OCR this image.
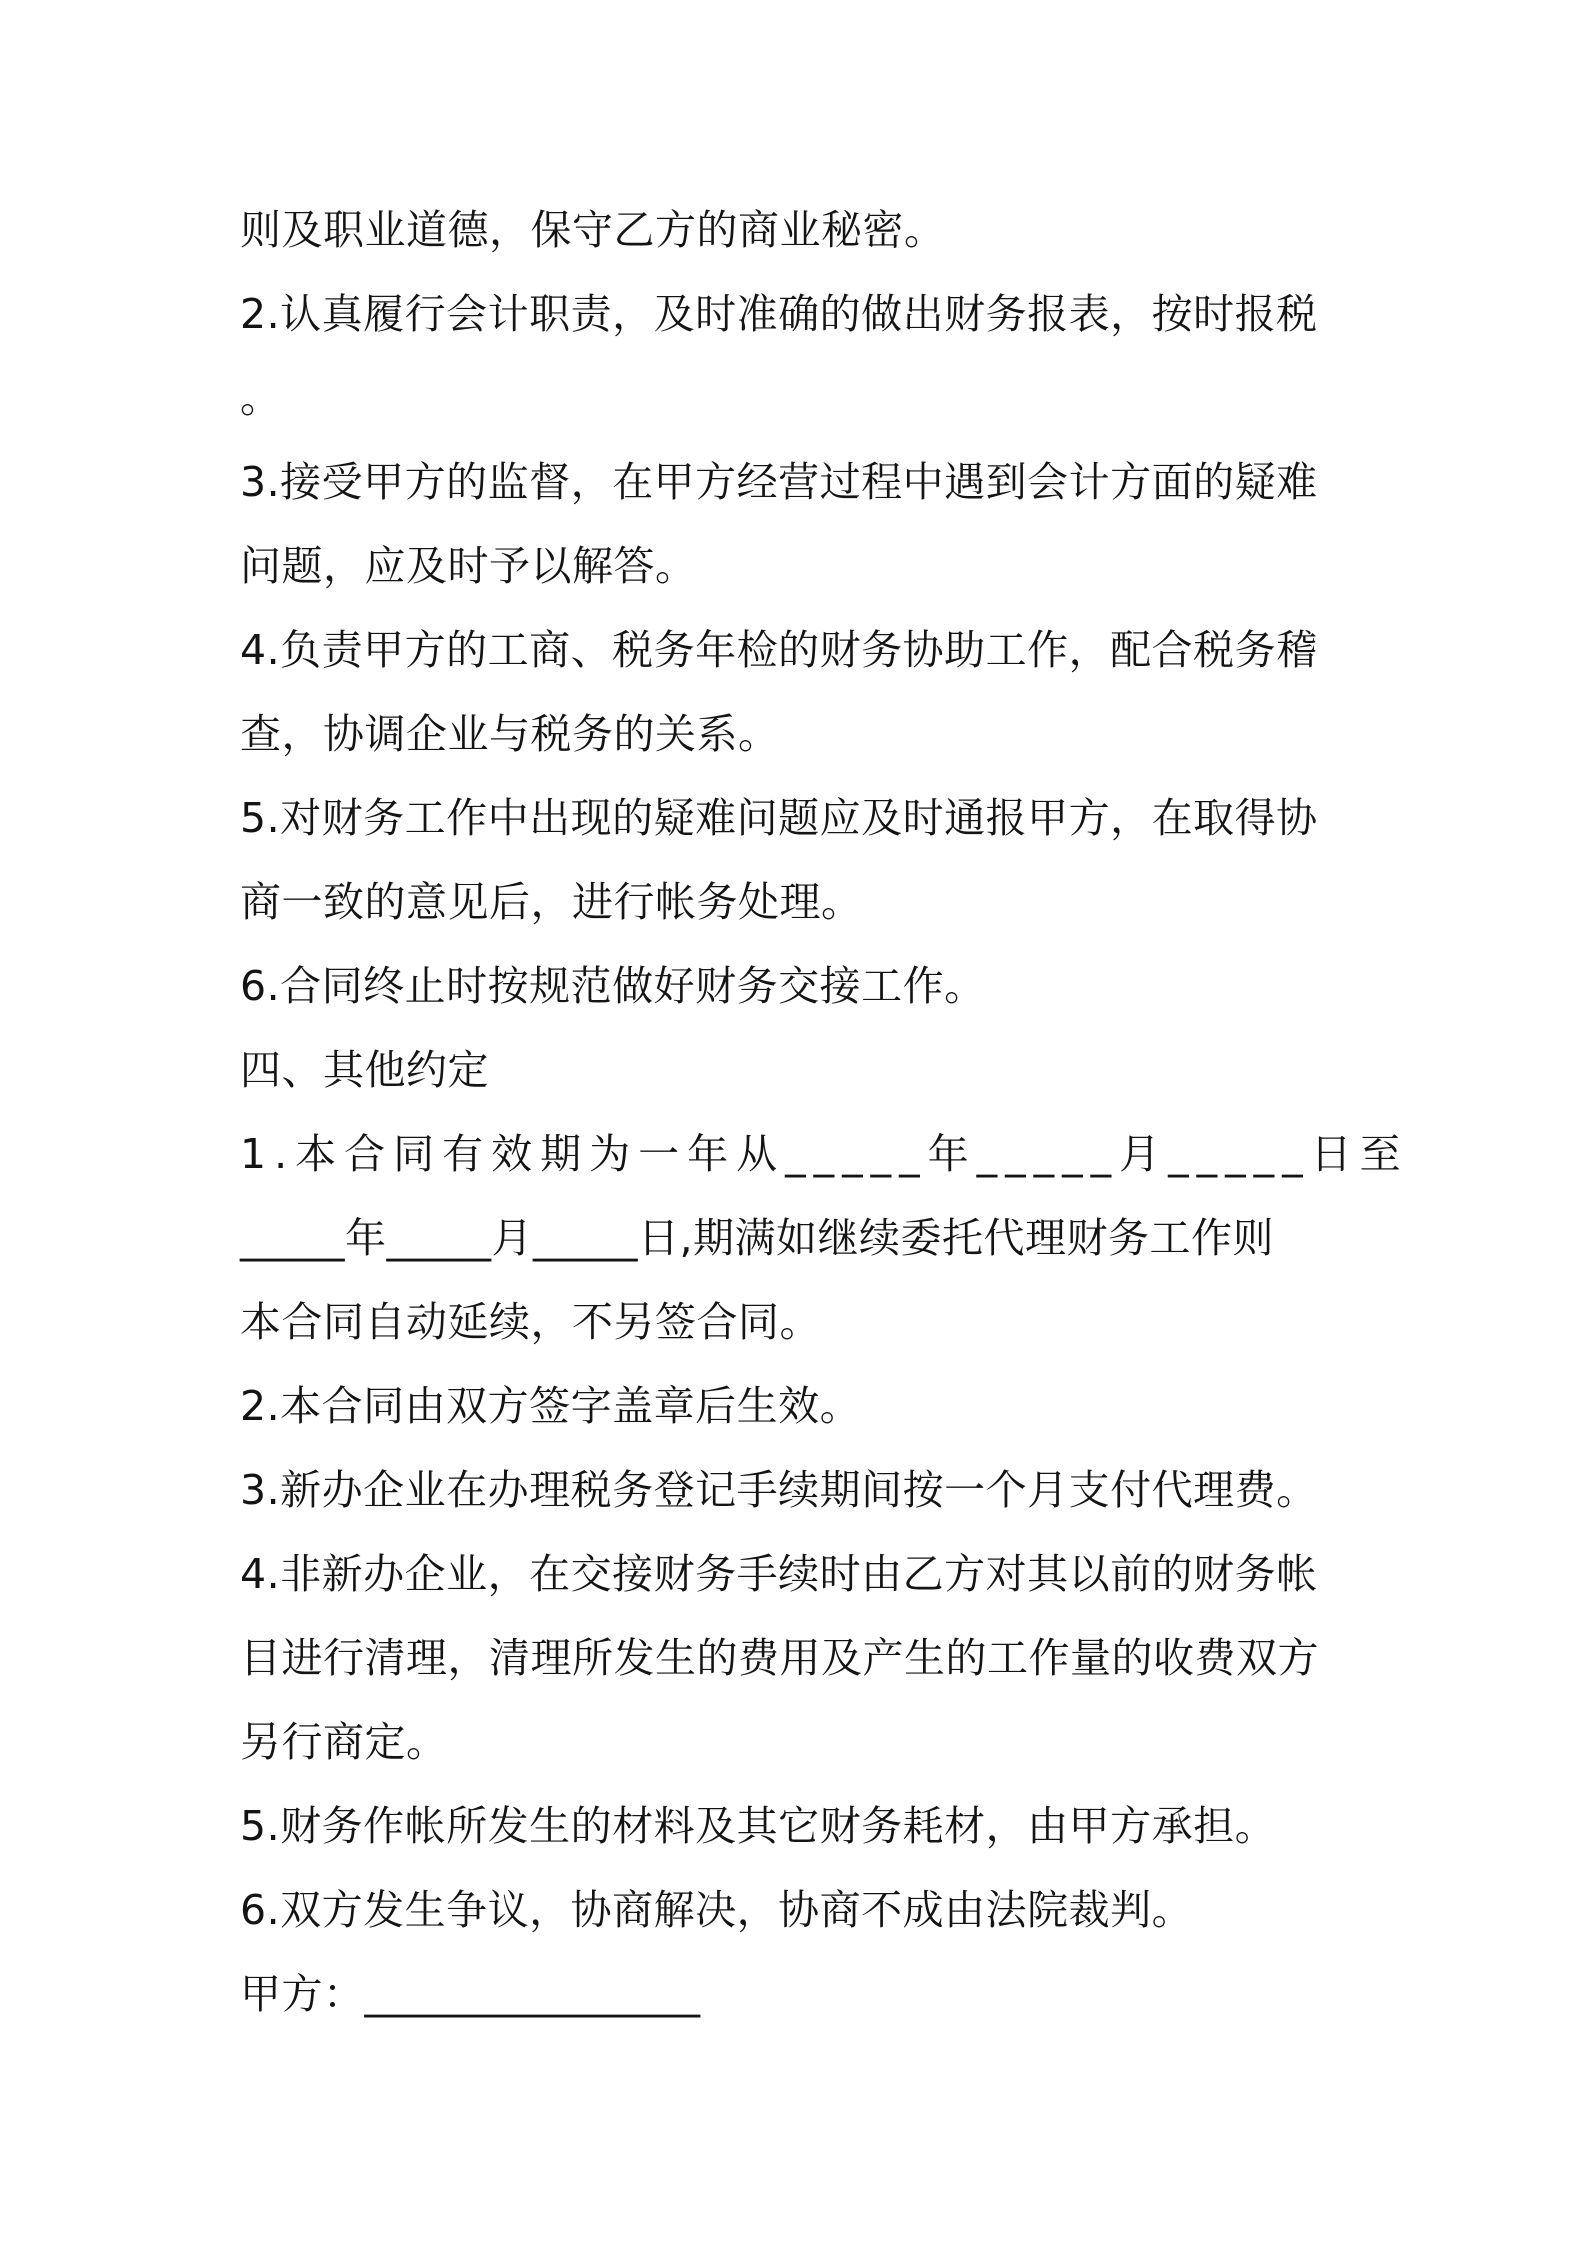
则及职业道德，保守乙方的商业秘密。
2.认真履行会计职责，及时准确的做出财务报表，按时报税
。
3.接受甲方的监督，在甲方经营过程中遇到会计方面的疑难
问题，应及时予以解答。
4.负责甲方的工商、税务年检的财务协助工作，配合税务稽
查，协调企业与税务的关系。
5.对财务工作中出现的疑难问题应及时通报甲方，在取得协
商一致的意见后，进行帐务处理。
6.合同终止时按规范做好财务交接工作。
四、其他约定
1.本合同有效期为一年从_____年_____月_____日至
_____年_____月_____日,期满如继续委托代理财务工作则
本合同自动延续，不另签合同。
2.本合同由双方签字盖章后生效。
3.新办企业在办理税务登记手续期间按一个月支付代理费。
4.非新办企业，在交接财务手续时由乙方对其以前的财务帐
目进行清理，清理所发生的费用及产生的工作量的收费双方
另行商定。
5.财务作帐所发生的材料及其它财务耗材，由甲方承担。
6.双方发生争议，协商解决，协商不成由法院裁判。
甲方：________________
